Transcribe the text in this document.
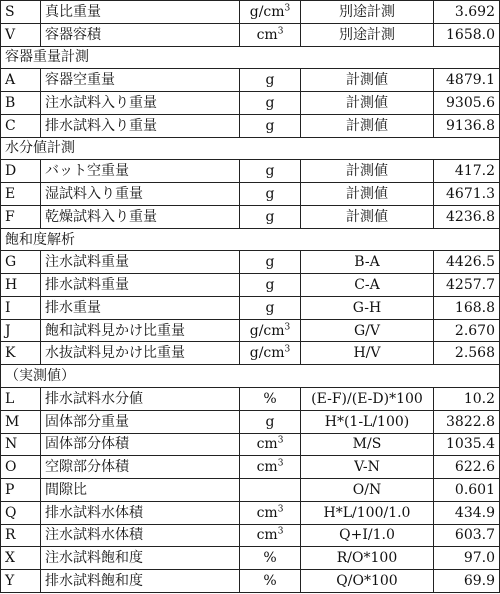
S	真比重量	$g/cm^3$	別途計測	3.692
V	容器容積	$cm^3$	別途計測	1658.0
容器重量計測				
A	容器空重量	g	計測値	4879.1
B	注水試料入り重量	g	計測値	9305.6
C	排水試料入り重量	g	計測値	9136.8
水分値計測				
D	バット空重量	g	計測値	417.2
E	湿試料入り重量	g	計測値	4671.3
F	乾燥試料入り重量	g	計測値	4236.8
飽和度解析				
G	注水試料重量	g	B-A	4426.5
H	排水試料重量	g	C-A	4257.7
I	排水重量	g	G-H	168.8
J	飽和試料見かけ比重量	$g/cm^3$	G/V	2.670
K	水抜試料見かけ比重量	$g/cm^3$	H/V	2.568
（実測値）				
L	排水試料水分値	%	(E-F)/(E-D)*100	10.2
M	固体部分重量	g	H*(1-L/100)	3822.8
N	固体部分体積	$cm^3$	M/S	1035.4
O	空隙部分体積	$cm^3$	V-N	622.6
P	間隙比		O/N	0.601
Q	排水試料水体積	$cm^3$	H*L/100/1.0	434.9
R	注水試料水体積	$cm^3$	Q+I/1.0	603.7
X	注水試料飽和度	%	R/O*100	97.0
Y	排水試料飽和度	%	Q/O*100	69.9
